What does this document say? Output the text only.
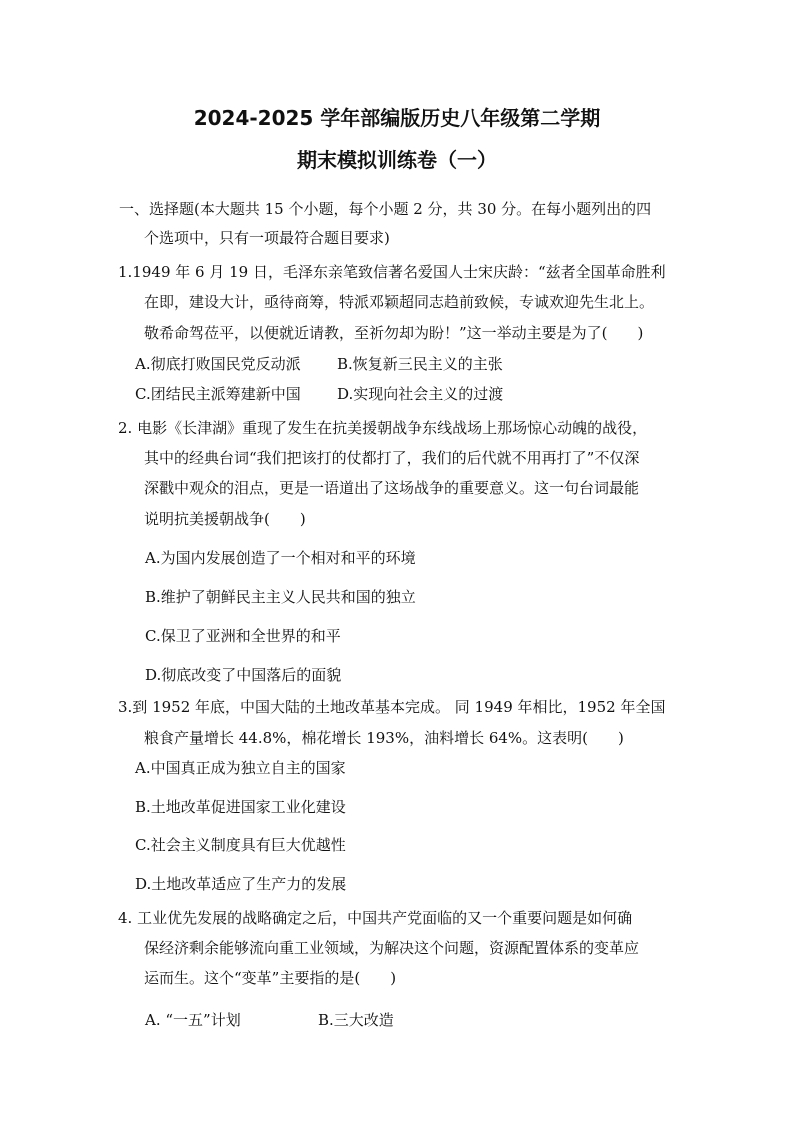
2024-2025 学年部编版历史八年级第二学期
期末模拟训练卷（一）
一、选择题(本大题共 15 个小题，每个小题 2 分，共 30 分。在每小题列出的四
个选项中，只有一项最符合题目要求)
1.1949 年 6 月 19 日，毛泽东亲笔致信著名爱国人士宋庆龄：“兹者全国革命胜利
在即，建设大计，亟待商筹，特派邓颖超同志趋前致候，专诚欢迎先生北上。
敬希命驾莅平，以便就近请教，至祈勿却为盼！”这一举动主要是为了(　　)
A.彻底打败国民党反动派 B.恢复新三民主义的主张
C.团结民主派筹建新中国 D.实现向社会主义的过渡
2. 电影《长津湖》重现了发生在抗美援朝战争东线战场上那场惊心动魄的战役，
其中的经典台词“我们把该打的仗都打了，我们的后代就不用再打了”不仅深
深戳中观众的泪点，更是一语道出了这场战争的重要意义。这一句台词最能
说明抗美援朝战争(　　)
A.为国内发展创造了一个相对和平的环境
B.维护了朝鲜民主主义人民共和国的独立
C.保卫了亚洲和全世界的和平
D.彻底改变了中国落后的面貌
3.到 1952 年底，中国大陆的土地改革基本完成。 同 1949 年相比，1952 年全国
粮食产量增长 44.8%，棉花增长 193%，油料增长 64%。这表明(　　)
A.中国真正成为独立自主的国家
B.土地改革促进国家工业化建设
C.社会主义制度具有巨大优越性
D.土地改革适应了生产力的发展
4. 工业优先发展的战略确定之后，中国共产党面临的又一个重要问题是如何确
保经济剩余能够流向重工业领域，为解决这个问题，资源配置体系的变革应
运而生。这个“变革”主要指的是(　　)
A. “一五”计划	B.三大改造
